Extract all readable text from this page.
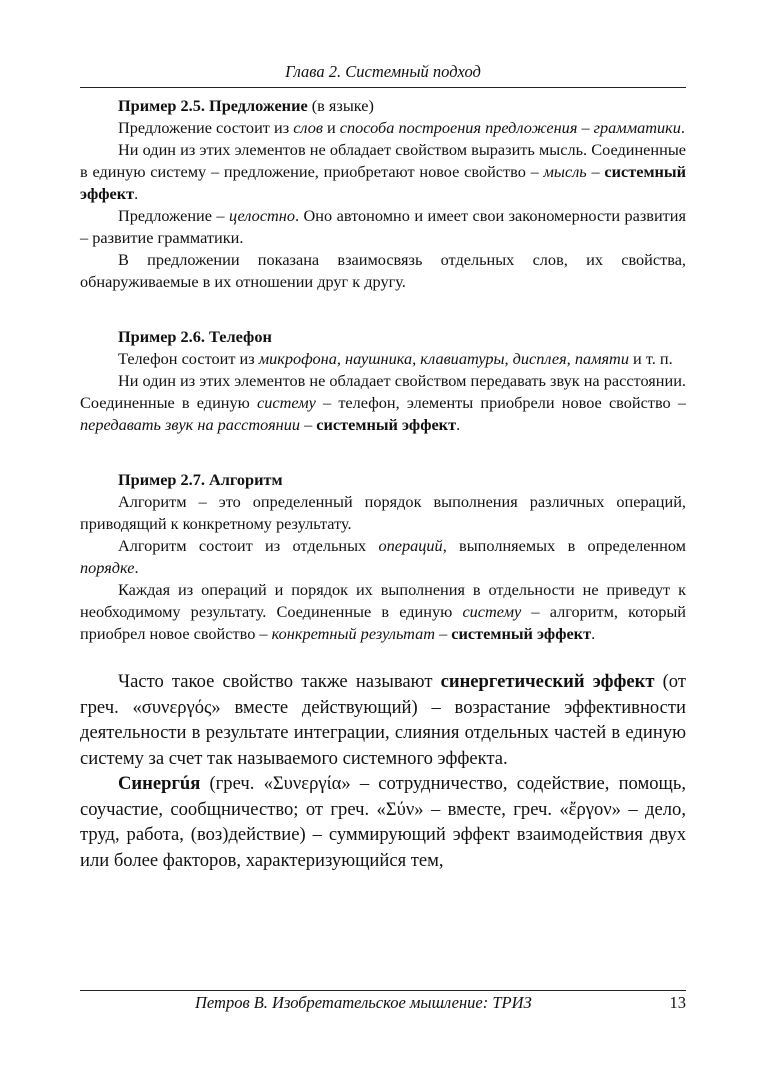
Глава 2. Системный подход
Пример 2.5. Предложение (в языке)

Предложение состоит из слов и способа построения предложения – грамматики.

Ни один из этих элементов не обладает свойством выразить мысль. Соединенные в единую систему – предложение, приобретают новое свойство – мысль – системный эффект.

Предложение – целостно. Оно автономно и имеет свои закономерности развития – развитие грамматики.

В предложении показана взаимосвязь отдельных слов, их свойства, обнаруживаемые в их отношении друг к другу.

Пример 2.6. Телефон

Телефон состоит из микрофона, наушника, клавиатуры, дисплея, памяти и т. п.

Ни один из этих элементов не обладает свойством передавать звук на расстоянии. Соединенные в единую систему – телефон, элементы приобрели новое свойство – передавать звук на расстоянии – системный эффект.

Пример 2.7. Алгоритм

Алгоритм – это определенный порядок выполнения различных операций, приводящий к конкретному результату.

Алгоритм состоит из отдельных операций, выполняемых в определенном порядке.

Каждая из операций и порядок их выполнения в отдельности не приведут к необходимому результату. Соединенные в единую систему – алгоритм, который приобрел новое свойство – конкретный результат – системный эффект.

Часто такое свойство также называют синергетический эффект (от греч. «συνεργός» вместе действующий) – возрастание эффективности деятельности в результате интеграции, слияния отдельных частей в единую систему за счет так называемого системного эффекта.

Синергúя (греч. «Συνεργία» – сотрудничество, содействие, помощь, соучастие, сообщничество; от греч. «Σύν» – вместе, греч. «ἔργον» – дело, труд, работа, (воз)действие) – суммирующий эффект взаимодействия двух или более факторов, характеризующийся тем,

Петров В. Изобретательское мышление: ТРИЗ	13
